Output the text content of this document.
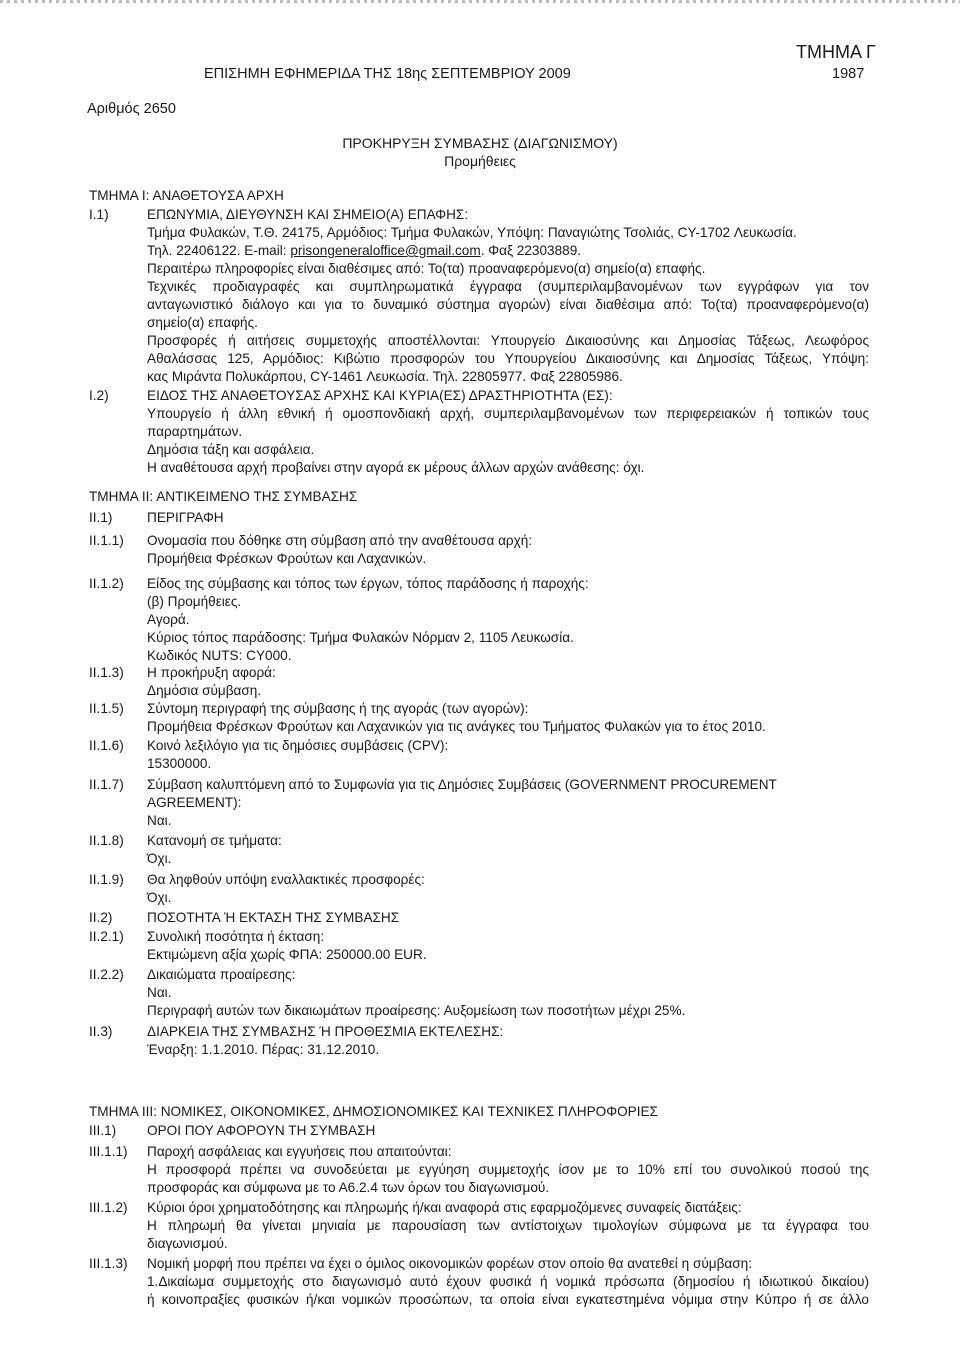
ΤΜΗΜΑ Γ
ΕΠΙΣΗΜΗ ΕΦΗΜΕΡΙΔΑ ΤΗΣ 18ης ΣΕΠΤΕΜΒΡΙΟΥ 2009	1987
Αριθμός 2650
ΠΡΟΚΗΡΥΞΗ ΣΥΜΒΑΣΗΣ (ΔΙΑΓΩΝΙΣΜΟΥ)
Προμήθειες
ΤΜΗΜΑ Ι: ΑΝΑΘΕΤΟΥΣΑ ΑΡΧΗ
Ι.1)	ΕΠΩΝΥΜΙΑ, ΔΙΕΥΘΥΝΣΗ ΚΑΙ ΣΗΜΕΙΟ(Α) ΕΠΑΦΗΣ:
Τμήμα Φυλακών, Τ.Θ. 24175, Αρμόδιος: Τμήμα Φυλακών, Υπόψη: Παναγιώτης Τσολιάς, CY-1702 Λευκωσία.
Τηλ. 22406122. E-mail: prisongeneraloffice@gmail.com. Φαξ 22303889.
Περαιτέρω πληροφορίες είναι διαθέσιμες από: Το(τα) προαναφερόμενο(α) σημείο(α) επαφής.
Τεχνικές προδιαγραφές και συμπληρωματικά έγγραφα (συμπεριλαμβανομένων των εγγράφων για τον
ανταγωνιστικό διάλογο και για το δυναμικό σύστημα αγορών) είναι διαθέσιμα από: Το(τα) προαναφερόμενο(α)
σημείο(α) επαφής.
Προσφορές ή αιτήσεις συμμετοχής αποστέλλονται: Υπουργείο Δικαιοσύνης και Δημοσίας Τάξεως, Λεωφόρος
Αθαλάσσας 125, Αρμόδιος: Κιβώτιο προσφορών του Υπουργείου Δικαιοσύνης και Δημοσίας Τάξεως, Υπόψη:
κας Μιράντα Πολυκάρπου, CY-1461 Λευκωσία. Τηλ. 22805977. Φαξ 22805986.
Ι.2)	ΕΙΔΟΣ ΤΗΣ ΑΝΑΘΕΤΟΥΣΑΣ ΑΡΧΗΣ ΚΑΙ ΚΥΡΙΑ(ΕΣ) ΔΡΑΣΤΗΡΙΟΤΗΤΑ (ΕΣ):
Υπουργείο ή άλλη εθνική ή ομοσπονδιακή αρχή, συμπεριλαμβανομένων των περιφερειακών ή τοπικών τους
παραρτημάτων.
Δημόσια τάξη και ασφάλεια.
Η αναθέτουσα αρχή προβαίνει στην αγορά εκ μέρους άλλων αρχών ανάθεσης: όχι.
ΤΜΗΜΑ ΙΙ: ΑΝΤΙΚΕΙΜΕΝΟ ΤΗΣ ΣΥΜΒΑΣΗΣ
ΙΙ.1)	ΠΕΡΙΓΡΑΦΗ
ΙΙ.1.1) Ονομασία που δόθηκε στη σύμβαση από την αναθέτουσα αρχή:
Προμήθεια Φρέσκων Φρούτων και Λαχανικών.
ΙΙ.1.2) Είδος της σύμβασης και τόπος των έργων, τόπος παράδοσης ή παροχής:
(β) Προμήθειες.
Αγορά.
Κύριος τόπος παράδοσης: Τμήμα Φυλακών Νόρμαν 2, 1105 Λευκωσία.
Κωδικός NUTS: CY000.
ΙΙ.1.3) Η προκήρυξη αφορά:
Δημόσια σύμβαση.
ΙΙ.1.5) Σύντομη περιγραφή της σύμβασης ή της αγοράς (των αγορών):
Προμήθεια Φρέσκων Φρούτων και Λαχανικών για τις ανάγκες του Τμήματος Φυλακών για το έτος 2010.
ΙΙ.1.6) Κοινό λεξιλόγιο για τις δημόσιες συμβάσεις (CPV):
15300000.
ΙΙ.1.7) Σύμβαση καλυπτόμενη από το Συμφωνία για τις Δημόσιες Συμβάσεις (GOVERNMENT PROCUREMENT
AGREEMENT):
Ναι.
ΙΙ.1.8) Κατανομή σε τμήματα:
Όχι.
ΙΙ.1.9) Θα ληφθούν υπόψη εναλλακτικές προσφορές:
Όχι.
ΙΙ.2)	ΠΟΣΟΤΗΤΑ Ή ΕΚΤΑΣΗ ΤΗΣ ΣΥΜΒΑΣΗΣ
ΙΙ.2.1) Συνολική ποσότητα ή έκταση:
Εκτιμώμενη αξία χωρίς ΦΠΑ: 250000.00 EUR.
ΙΙ.2.2) Δικαιώματα προαίρεσης:
Ναι.
Περιγραφή αυτών των δικαιωμάτων προαίρεσης: Αυξομείωση των ποσοτήτων μέχρι 25%.
ΙΙ.3)	ΔΙΑΡΚΕΙΑ ΤΗΣ ΣΥΜΒΑΣΗΣ Ή ΠΡΟΘΕΣΜΙΑ ΕΚΤΕΛΕΣΗΣ:
Έναρξη: 1.1.2010. Πέρας: 31.12.2010.
ΤΜΗΜΑ ΙΙΙ: ΝΟΜΙΚΕΣ, ΟΙΚΟΝΟΜΙΚΕΣ, ΔΗΜΟΣΙΟΝΟΜΙΚΕΣ ΚΑΙ ΤΕΧΝΙΚΕΣ ΠΛΗΡΟΦΟΡΙΕΣ
ΙΙΙ.1) ΟΡΟΙ ΠΟΥ ΑΦΟΡΟΥΝ ΤΗ ΣΥΜΒΑΣΗ
ΙΙΙ.1.1) Παροχή ασφάλειας και εγγυήσεις που απαιτούνται:
Η προσφορά πρέπει να συνοδεύεται με εγγύηση συμμετοχής ίσον με το 10% επί του συνολικού ποσού της
προσφοράς και σύμφωνα με το Α6.2.4 των όρων του διαγωνισμού.
ΙΙΙ.1.2) Κύριοι όροι χρηματοδότησης και πληρωμής ή/και αναφορά στις εφαρμοζόμενες συναφείς διατάξεις:
Η πληρωμή θα γίνεται μηνιαία με παρουσίαση των αντίστοιχων τιμολογίων σύμφωνα με τα έγγραφα του
διαγωνισμού.
ΙΙΙ.1.3) Νομική μορφή που πρέπει να έχει ο όμιλος οικονομικών φορέων στον οποίο θα ανατεθεί η σύμβαση:
1.Δικαίωμα συμμετοχής στο διαγωνισμό αυτό έχουν φυσικά ή νομικά πρόσωπα (δημοσίου ή ιδιωτικού δικαίου)
ή κοινοπραξίες φυσικών ή/και νομικών προσώπων, τα οποία είναι εγκατεστημένα νόμιμα στην Κύπρο ή σε άλλο
